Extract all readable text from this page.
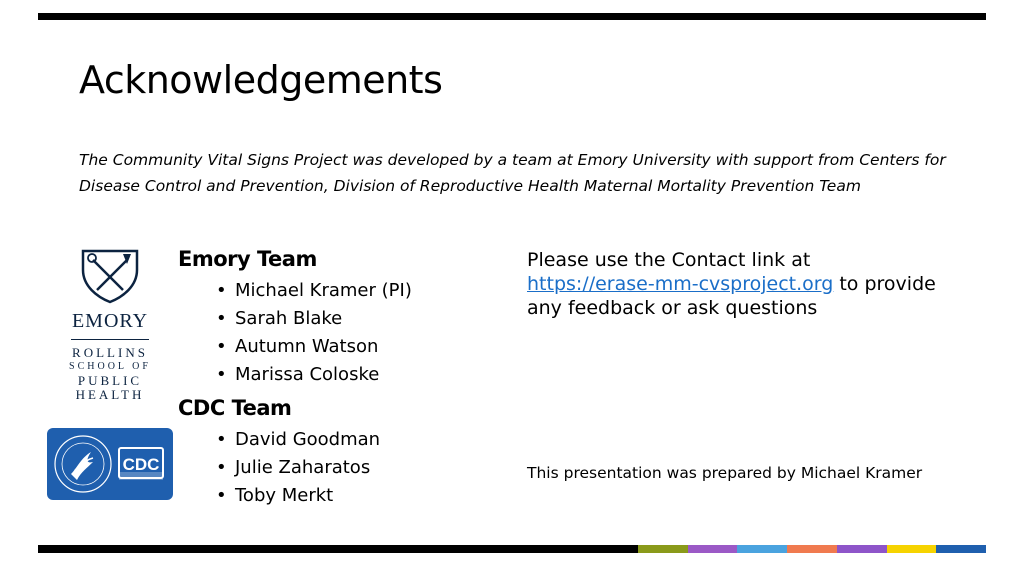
Acknowledgements

The Community Vital Signs Project was developed by a team at Emory University with support from Centers for Disease Control and Prevention, Division of Reproductive Health Maternal Mortality Prevention Team

EMORY
ROLLINS
SCHOOL OF
PUBLIC
HEALTH
CDC
Emory Team
• Michael Kramer (PI)
• Sarah Blake
• Autumn Watson
• Marissa Coloske
CDC Team
• David Goodman
• Julie Zaharatos
• Toby Merkt
Please use the Contact link at
https://erase-mm-cvsproject.org to provide any feedback or ask questions
This presentation was prepared by Michael Kramer
